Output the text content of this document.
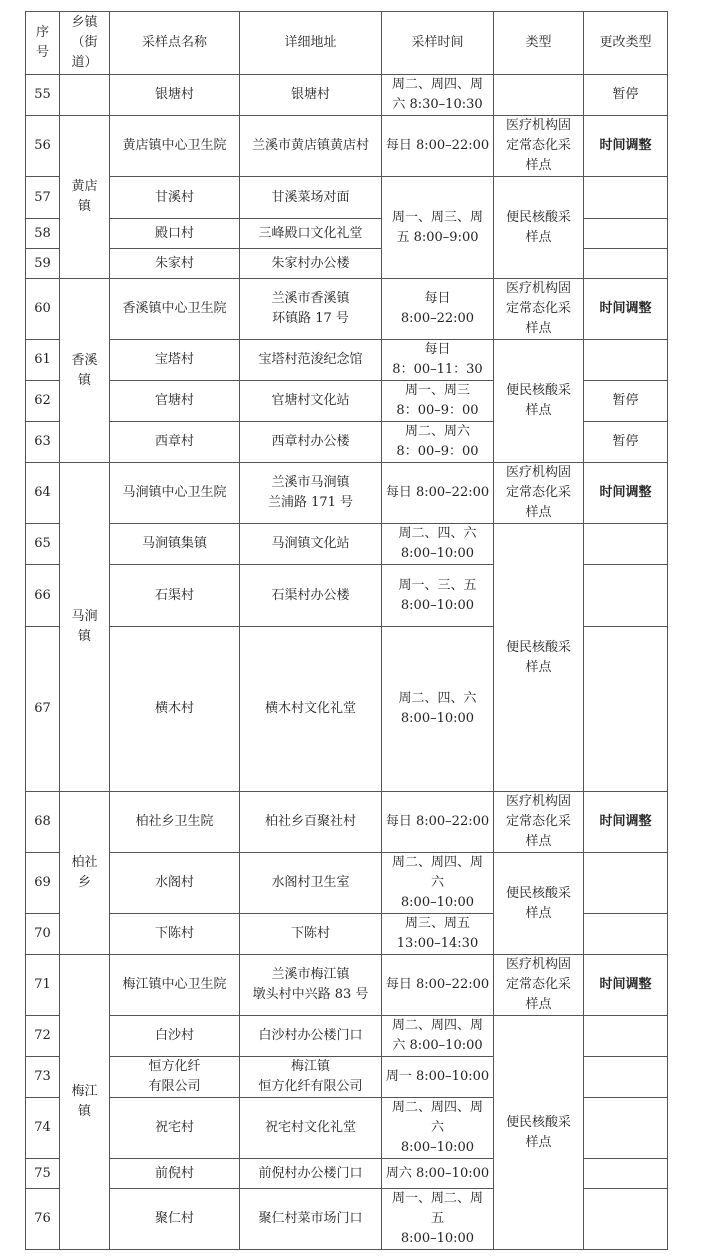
序
号	乡镇
（街
道）	采样点名称	详细地址	采样时间	类型	更改类型
55		银塘村	银塘村	周二、周四、周
六 8:30–10:30		暂停
56	黄店
镇	黄店镇中心卫生院	兰溪市黄店镇黄店村	每日 8:00–22:00	医疗机构固
定常态化采
样点	时间调整
57		甘溪村	甘溪菜场对面	周一、周三、周
五 8:00–9:00	便民核酸采
样点	
58		殿口村	三峰殿口文化礼堂			
59		朱家村	朱家村办公楼			
60	香溪
镇	香溪镇中心卫生院	兰溪市香溪镇
环镇路 17 号	每日
8:00–22:00	医疗机构固
定常态化采
样点	时间调整
61		宝塔村	宝塔村范浚纪念馆	每日
8：00–11：30	便民核酸采
样点	
62		官塘村	官塘村文化站	周一、周三
8：00–9：00		暂停
63		西章村	西章村办公楼	周二、周六
8：00–9：00		暂停
64	马涧
镇	马涧镇中心卫生院	兰溪市马涧镇
兰浦路 171 号	每日 8:00–22:00	医疗机构固
定常态化采
样点	时间调整
65		马涧镇集镇	马涧镇文化站	周二、四、六
8:00–10:00	便民核酸采
样点	
66		石渠村	石渠村办公楼	周一、三、五
8:00–10:00		
67		横木村	横木村文化礼堂	周二、四、六
8:00–10:00		
68	柏社
乡	柏社乡卫生院	柏社乡百聚社村	每日 8:00–22:00	医疗机构固
定常态化采
样点	时间调整
69		水阁村	水阁村卫生室	周二、周四、周
六
8:00–10:00	便民核酸采
样点	
70		下陈村	下陈村	周三、周五
13:00–14:30		
71	梅江
镇	梅江镇中心卫生院	兰溪市梅江镇
墩头村中兴路 83 号	每日 8:00–22:00	医疗机构固
定常态化采
样点	时间调整
72		白沙村	白沙村办公楼门口	周二、周四、周
六 8:00–10:00	便民核酸采
样点	
73		恒方化纤
有限公司	梅江镇
恒方化纤有限公司	周一 8:00–10:00		
74		祝宅村	祝宅村文化礼堂	周二、周四、周
六
8:00–10:00		
75		前倪村	前倪村办公楼门口	周六 8:00–10:00		
76		聚仁村	聚仁村菜市场门口	周一、周二、周
五
8:00–10:00		
